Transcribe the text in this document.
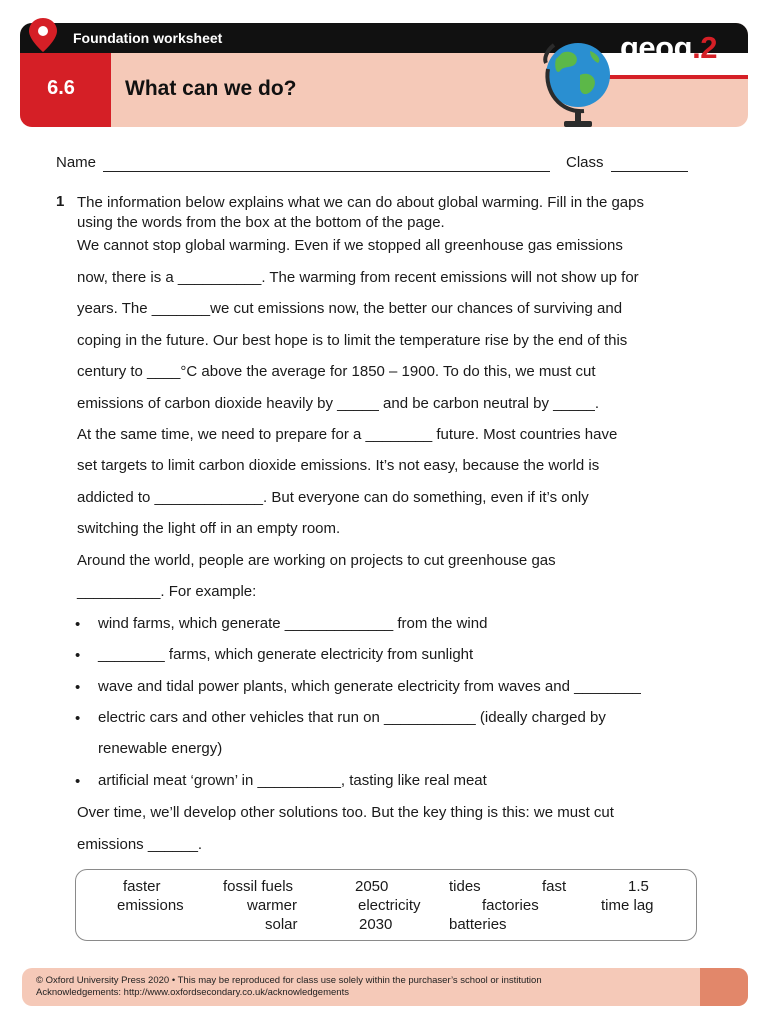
Foundation worksheet
6.6	What can we do?
geog.2
Name	Class
1 The information below explains what we can do about global warming. Fill in the gaps using the words from the box at the bottom of the page.
We cannot stop global warming. Even if we stopped all greenhouse gas emissions
now, there is a __________. The warming from recent emissions will not show up for
years. The _______we cut emissions now, the better our chances of surviving and
coping in the future. Our best hope is to limit the temperature rise by the end of this
century to ____°C above the average for 1850 – 1900. To do this, we must cut
emissions of carbon dioxide heavily by _____ and be carbon neutral by _____.
At the same time, we need to prepare for a ________ future. Most countries have
set targets to limit carbon dioxide emissions. It’s not easy, because the world is
addicted to _____________. But everyone can do something, even if it’s only
switching the light off in an empty room.
Around the world, people are working on projects to cut greenhouse gas
__________. For example:
• wind farms, which generate _____________ from the wind
• ________ farms, which generate electricity from sunlight
• wave and tidal power plants, which generate electricity from waves and ________
• electric cars and other vehicles that run on ___________ (ideally charged by
renewable energy)
• artificial meat ‘grown’ in __________, tasting like real meat
Over time, we’ll develop other solutions too. But the key thing is this: we must cut
emissions ______.
faster	fossil fuels	2050	tides	fast	1.5
emissions	warmer	electricity	factories	time lag
solar	2030	batteries
© Oxford University Press 2020 • This may be reproduced for class use solely within the purchaser’s school or institution
Acknowledgements: http://www.oxfordsecondary.co.uk/acknowledgements
